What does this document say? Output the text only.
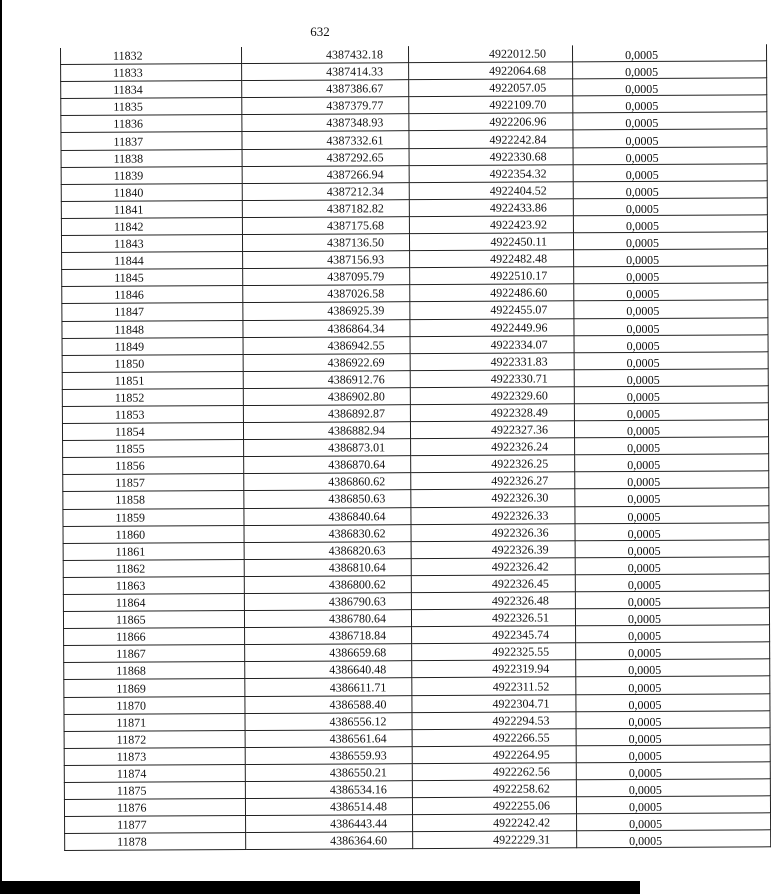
632
11832	4387432.18	4922012.50	0,0005
11833	4387414.33	4922064.68	0,0005
11834	4387386.67	4922057.05	0,0005
11835	4387379.77	4922109.70	0,0005
11836	4387348.93	4922206.96	0,0005
11837	4387332.61	4922242.84	0,0005
11838	4387292.65	4922330.68	0,0005
11839	4387266.94	4922354.32	0,0005
11840	4387212.34	4922404.52	0,0005
11841	4387182.82	4922433.86	0,0005
11842	4387175.68	4922423.92	0,0005
11843	4387136.50	4922450.11	0,0005
11844	4387156.93	4922482.48	0,0005
11845	4387095.79	4922510.17	0,0005
11846	4387026.58	4922486.60	0,0005
11847	4386925.39	4922455.07	0,0005
11848	4386864.34	4922449.96	0,0005
11849	4386942.55	4922334.07	0,0005
11850	4386922.69	4922331.83	0,0005
11851	4386912.76	4922330.71	0,0005
11852	4386902.80	4922329.60	0,0005
11853	4386892.87	4922328.49	0,0005
11854	4386882.94	4922327.36	0,0005
11855	4386873.01	4922326.24	0,0005
11856	4386870.64	4922326.25	0,0005
11857	4386860.62	4922326.27	0,0005
11858	4386850.63	4922326.30	0,0005
11859	4386840.64	4922326.33	0,0005
11860	4386830.62	4922326.36	0,0005
11861	4386820.63	4922326.39	0,0005
11862	4386810.64	4922326.42	0,0005
11863	4386800.62	4922326.45	0,0005
11864	4386790.63	4922326.48	0,0005
11865	4386780.64	4922326.51	0,0005
11866	4386718.84	4922345.74	0,0005
11867	4386659.68	4922325.55	0,0005
11868	4386640.48	4922319.94	0,0005
11869	4386611.71	4922311.52	0,0005
11870	4386588.40	4922304.71	0,0005
11871	4386556.12	4922294.53	0,0005
11872	4386561.64	4922266.55	0,0005
11873	4386559.93	4922264.95	0,0005
11874	4386550.21	4922262.56	0,0005
11875	4386534.16	4922258.62	0,0005
11876	4386514.48	4922255.06	0,0005
11877	4386443.44	4922242.42	0,0005
11878	4386364.60	4922229.31	0,0005
